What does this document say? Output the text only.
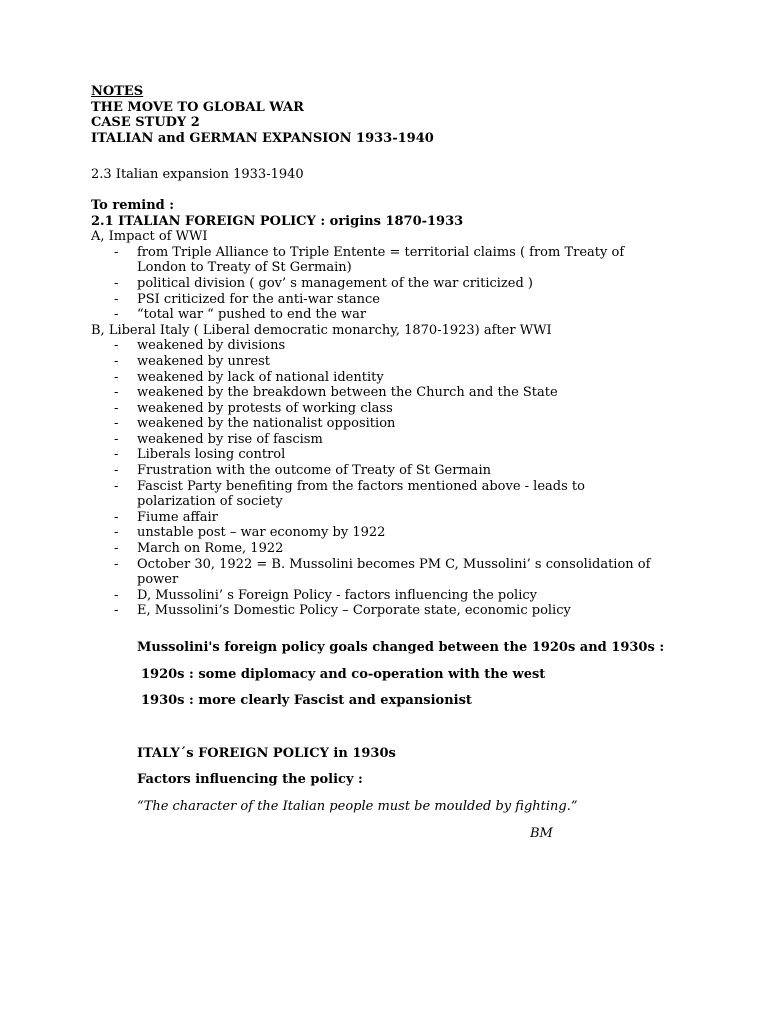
NOTES
THE MOVE TO GLOBAL WAR
CASE STUDY 2
ITALIAN and GERMAN EXPANSION 1933-1940
2.3 Italian expansion 1933-1940
To remind :
2.1 ITALIAN FOREIGN POLICY : origins 1870-1933
A, Impact of WWI
- from Triple Alliance to Triple Entente = territorial claims ( from Treaty of London to Treaty of St Germain)
- political division ( gov’ s management of the war criticized )
- PSI criticized for the anti-war stance
- “total war “ pushed to end the war
B, Liberal Italy ( Liberal democratic monarchy, 1870-1923) after WWI
- weakened by divisions
- weakened by unrest
- weakened by lack of national identity
- weakened by the breakdown between the Church and the State
- weakened by protests of working class
- weakened by the nationalist opposition
- weakened by rise of fascism
- Liberals losing control
- Frustration with the outcome of Treaty of St Germain
- Fascist Party benefiting from the factors mentioned above - leads to polarization of society
- Fiume affair
- unstable post – war economy by 1922
- March on Rome, 1922
- October 30, 1922 = B. Mussolini becomes PM C, Mussolini’ s consolidation of power
- D, Mussolini’ s Foreign Policy - factors influencing the policy
- E, Mussolini’s Domestic Policy – Corporate state, economic policy
Mussolini's foreign policy goals changed between the 1920s and 1930s :
1920s : some diplomacy and co-operation with the west
1930s : more clearly Fascist and expansionist
ITALY´s FOREIGN POLICY in 1930s
Factors influencing the policy :
“The character of the Italian people must be moulded by fighting.”
BM
